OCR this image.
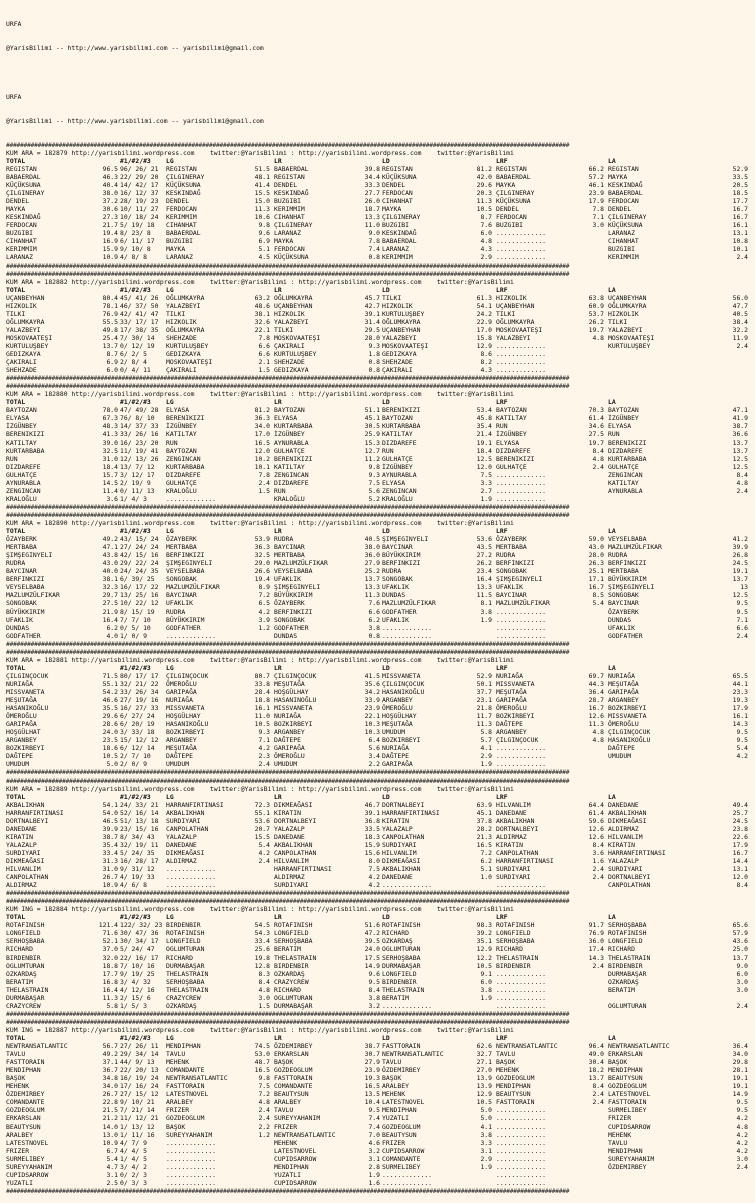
URFA

@YarisBilimi -- http://www.yarisbilimi.com -- yarisbilimi@gmail.com

URFA

@YarisBilimi -- http://www.yarisbilimi.com -- yarisbilimi@gmail.com

#################################################################################################################################################################
KUM ARA = 182879 http://yarisbilimi.wordpress.com    twitter:@YarisBilimi : http://yarisbilimi.wordpress.com    twitter:@YarisBilimi
TOTAL	#1/#2/#3	LG	LR	LD	LRF	LA
REGISTAN	96.5 96/ 26/ 21	REGISTAN	51.5 BABAERDAL	39.8 REGISTAN	81.2 REGISTAN	66.2 REGISTAN	52.9
BABAERDAL	46.3 22/ 29/ 20	ÇILGINERAY	48.1 REGISTAN	34.4 KÜÇÜKSUNA	42.0 BABAERDAL	57.2 MAYKA	33.5
KÜÇÜKSUNA	40.4 14/ 42/ 17	KÜÇÜKSUNA	41.4 DENDEL	33.3 DENDEL	29.6 MAYKA	46.1 KESKINDAĞ	20.5
ÇILGINERAY	38.0 16/ 12/ 37	KESKINDAĞ	15.5 KESKINDAĞ	27.7 FERDOCAN	20.3 ÇILGINERAY	23.9 BABAERDAL	18.5
DENDEL	37.2 28/ 19/ 23	DENDEL	15.0 BUZGIBI	26.0 CIHANHAT	11.3 KÜÇÜKSUNA	17.9 FERDOCAN	17.7
MAYKA	30.6 10/ 11/ 27	FERDOCAN	11.3 KERIMMIM	18.7 MAYKA	10.5 DENDEL	7.8 DENDEL	16.7
KESKINDAĞ	27.3 10/ 18/ 24	KERIMMIM	10.6 CIHANHAT	13.3 ÇILGINERAY	8.7 FERDOCAN	7.1 ÇILGINERAY	16.7
FERDOCAN	21.7 5/ 19/ 18	CIHANHAT	9.8 ÇILGINERAY	11.0 BUZGIBI	7.6 BUZGIBI	3.0 KÜÇÜKSUNA	16.1
BUZGIBI	19.4 8/ 23/ 8	BABAERDAL	9.6 LARANAZ	9.0 KESKINDAĞ	6.0 .............	LARANAZ	13.1
CIHANHAT	16.9 6/ 11/ 17	BUZGIBI	6.9 MAYKA	7.8 BABAERDAL	4.8 .............	CIHANHAT	10.8
KERIMMIM	15.9 9/ 10/ 8	MAYKA	5.1 FERDOCAN	7.4 LARANAZ	4.3 .............	BUZGIBI	10.1
LARANAZ	10.9 4/ 8/ 8	LARANAZ	4.5 KÜÇÜKSUNA	0.8 KERIMMIM	2.9 .............	KERIMMIM	2.4
#################################################################################################################################################################
#################################################################################################################################################################
KUM ARA = 182882 http://yarisbilimi.wordpress.com    twitter:@YarisBilimi : http://yarisbilimi.wordpress.com    twitter:@YarisBilimi
TOTAL	#1/#2/#3	LG	LR	LD	LRF	LA
UÇANBEYHAN	80.4 45/ 41/ 26	OĞLUMKAYRA	63.2 OĞLUMKAYRA	45.7 TILKI	61.3 HIZKOLIK	63.8 UÇANBEYHAN	56.0
HIZKOLIK	78.1 46/ 37/ 50	YALAZBEYI	48.6 UÇANBEYHAN	42.7 HIZKOLIK	54.1 UÇANBEYHAN	60.9 OĞLUMKAYRA	47.7
TILKI	76.9 42/ 41/ 47	TILKI	38.1 HIZKOLIK	39.1 KURTULUŞBEY	24.2 TILKI	53.7 HIZKOLIK	40.5
OĞLUMKAYRA	55.5 33/ 17/ 17	HIZKOLIK	32.6 YALAZBEYI	31.4 OĞLUMKAYRA	22.9 OĞLUMKAYRA	26.2 TILKI	38.4
YALAZBEYI	49.8 17/ 38/ 35	OĞLUMKAYRA	22.1 TILKI	29.5 UÇANBEYHAN	17.0 MOSKOVAATEŞI	19.7 YALAZBEYI	32.2
MOSKOVAATEŞI	25.4 7/ 30/ 14	SHEHZADE	7.8 MOSKOVAATEŞI	28.0 YALAZBEYI	15.8 YALAZBEYI	4.8 MOSKOVAATEŞI	11.9
KURTULUŞBEY	13.7 0/ 12/ 19	KURTULUŞBEY	6.6 ÇAKIRALI	9.3 MOSKOVAATEŞI	12.9 .............	KURTULUŞBEY	2.4
GEDIZKAYA	8.7 6/ 2/ 5	GEDIZKAYA	6.6 KURTULUŞBEY	1.8 GEDIZKAYA	8.6 .............
ÇAKIRALI	6.9 2/ 8/ 4	MOSKOVAATEŞI	2.1 SHEHZADE	0.8 SHEHZADE	8.2 .............
SHEHZADE	6.0 0/ 4/ 11	ÇAKIRALI	1.5 GEDIZKAYA	0.8 ÇAKIRALI	4.3 .............
#################################################################################################################################################################
#################################################################################################################################################################
KUM ARA = 182880 http://yarisbilimi.wordpress.com    twitter:@YarisBilimi : http://yarisbilimi.wordpress.com    twitter:@YarisBilimi
TOTAL	#1/#2/#3	LG	LR	LD	LRF	LA
BAYTOZAN	78.0 47/ 49/ 28	ELYASA	81.2 BAYTOZAN	51.1 BERENIKIZI	53.4 BAYTOZAN	70.3 BAYTOZAN	47.1
ELYASA	67.3 76/ 8/ 10	BERENIKIZI	36.3 ELYASA	45.1 BAYTOZAN	45.8 KATILTAY	61.4 İZGÜNBEY	41.9
İZGÜNBEY	48.3 14/ 37/ 33	İZGÜNBEY	34.0 KURTARBABA	30.5 KURTARBABA	35.4 RUN	34.6 ELYASA	38.7
BERENIKIZI	41.3 33/ 26/ 16	KATILTAY	17.0 İZGÜNBEY	25.9 KATILTAY	21.4 İZGÜNBEY	27.5 RUN	36.6
KATILTAY	39.0 16/ 23/ 20	RUN	16.5 AYNURABLA	15.3 DIZDAREFE	19.1 ELYASA	19.7 BERENIKIZI	13.7
KURTARBABA	32.5 11/ 19/ 41	BAYTOZAN	12.0 GULHATÇE	12.7 RUN	18.4 DIZDAREFE	8.4 DIZDAREFE	13.7
RUN	31.0 12/ 13/ 26	ZENGINCAN	10.2 BERENIKIZI	11.2 GULHATÇE	12.5 BERENIKIZI	4.8 KURTARBABA	12.5
DIZDAREFE	18.4 13/ 7/ 12	KURTARBABA	10.1 KATILTAY	9.8 İZGÜNBEY	12.0 GULHATÇE	2.4 GULHATÇE	12.5
GULHATÇE	15.7 3/ 12/ 17	DIZDAREFE	7.8 ZENGINCAN	9.3 AYNURABLA	7.5 .............	ZENGINCAN	8.4
AYNURABLA	14.5 2/ 19/ 9	GULHATÇE	2.4 DIZDAREFE	7.5 ELYASA	3.3 .............	KATILTAY	4.8
ZENGINCAN	11.4 0/ 11/ 13	KRALOĞLU	1.5 RUN	5.6 ZENGINCAN	2.7 .............	AYNURABLA	2.4
KRALOĞLU	3.6 1/ 4/ 3	.............	KRALOĞLU	5.2 KRALOĞLU	1.9 .............
#################################################################################################################################################################
#################################################################################################################################################################
KUM ARA = 182890 http://yarisbilimi.wordpress.com    twitter:@YarisBilimi : http://yarisbilimi.wordpress.com    twitter:@YarisBilimi
TOTAL	#1/#2/#3	LG	LR	LD	LRF	LA
ÖZAYBERK	49.2 43/ 15/ 24	ÖZAYBERK	53.9 RUDRA	40.5 ŞIMŞEGINYELI	53.6 ÖZAYBERK	59.0 VEYSELBABA	41.2
MERTBABA	47.1 27/ 24/ 24	MERTBABA	36.3 BAYCINAR	38.0 BAYCINAR	43.5 MERTBABA	43.0 MAZLUMZÜLFIKAR	39.9
ŞIMŞEGINYELI	43.8 42/ 15/ 16	BERFINKIZI	32.5 MERTBABA	36.0 BÜYÜKKIRIM	27.2 RUDRA	28.0 RUDRA	26.8
RUDRA	43.0 29/ 22/ 24	ŞIMŞEGINYELI	29.0 MAZLUMZÜLFIKAR	27.9 BERFINKIZI	26.2 BERFINKIZI	26.3 BERFINKIZI	24.5
BAYCINAR	40.0 24/ 24/ 35	VEYSELBABA	26.6 VEYSELBABA	25.2 RUDRA	23.4 SONGOBAK	25.1 MERTBABA	19.1
BERFINKIZI	38.1 6/ 39/ 25	SONGOBAK	19.4 UFAKLIK	13.7 SONGOBAK	16.4 ŞIMŞEGINYELI	17.1 BÜYÜKKIRIM	13.7
VEYSELBABA	32.3 16/ 17/ 22	MAZLUMZÜLFIKAR	8.9 ŞIMŞEGINYELI	13.3 UFAKLIK	13.3 UFAKLIK	16.7 ŞIMŞEGINYELI	13
MAZLUMZÜLFIKAR	29.7 13/ 25/ 16	BAYCINAR	7.2 BÜYÜKKIRIM	11.3 DUNDAS	11.5 BAYCINAR	8.5 SONGOBAK	12.5
SONGOBAK	27.5 10/ 22/ 12	UFAKLIK	6.5 ÖZAYBERK	7.6 MAZLUMZÜLFIKAR	8.1 MAZLUMZÜLFIKAR	5.4 BAYCINAR	9.5
BÜYÜKKIRIM	21.9 8/ 15/ 19	RUDRA	4.2 BERFINKIZI	6.6 GODFATHER	3.8 .............	ÖZAYBERK	9.5
UFAKLIK	16.4 7/ 7/ 10	BÜYÜKKIRIM	3.9 SONGOBAK	6.2 UFAKLIK	1.9 .............	DUNDAS	7.1
DUNDAS	6.2 0/ 5/ 10	GODFATHER	1.2 GODFATHER	3.8 .............	.............	UFAKLIK	6.6
GODFATHER	4.0 1/ 0/ 9	.............	DUNDAS	0.8 .............	.............	GODFATHER	2.4
#################################################################################################################################################################
#################################################################################################################################################################
KUM ARA = 182881 http://yarisbilimi.wordpress.com    twitter:@YarisBilimi : http://yarisbilimi.wordpress.com    twitter:@YarisBilimi
TOTAL	#1/#2/#3	LG	LR	LD	LRF	LA
ÇILGINÇOCUK	71.5 80/ 17/ 17	ÇILGINÇOCUK	80.7 ÇILGINÇOCUK	41.5 MISSVANETA	52.9 NURIAĞA	69.7 NURIAĞA	65.5
NURIAĞA	55.1 32/ 21/ 22	ÖMEROĞLU	33.8 MEŞUTAĞA	35.6 ÇILGINÇOCUK	50.1 MISSVANETA	44.3 MEŞUTAĞA	44.1
MISSVANETA	54.2 33/ 26/ 34	GARIPAĞA	28.4 HOŞGÜLHAY	34.2 HASANIKOĞLU	37.7 MEŞUTAĞA	36.4 GARIPAĞA	23.3
MEŞUTAĞA	46.6 27/ 19/ 16	NURIAĞA	18.8 HASANINOĞLU	33.9 ARGANBEY	23.1 GARIPAĞA	28.7 ARGANBEY	19.3
HASANIKOĞLU	35.5 16/ 27/ 33	MISSVANETA	16.1 MISSVANETA	23.9 ÖMEROĞLU	21.8 ÖMEROĞLU	16.7 BOZKIRBEYI	17.9
ÖMEROĞLU	29.6 6/ 27/ 24	HOŞGÜLHAY	11.0 NURIAĞA	22.1 HOŞGÜLHAY	11.7 BOZKIRBEYI	12.6 MISSVANETA	16.1
GARIPAĞA	28.6 6/ 20/ 19	HASANIKOĞLU	10.5 BOZKIRBEYI	10.3 MEŞUTAĞA	11.3 DAĞTEPE	11.3 ÖMEROĞLU	14.3
HOŞGÜLHAT	24.0 3/ 33/ 18	BOZKIRBEYI	9.3 ARGANBEY	10.3 UMUDUM	5.8 ARGANBEY	4.8 ÇILGINÇOCUK	9.5
ARGANBEY	23.5 15/ 12/ 12	ARGANBEY	7.1 DAĞTEPE	6.4 BOZKIRBEYI	5.7 ÇILGINÇOCUK	4.8 HASANIKOĞLU	9.5
BOZKIRBEYI	18.6 6/ 12/ 14	MEŞUTAĞA	4.2 GARIPAĞA	5.6 NURIAĞA	4.1 .............	DAĞTEPE	5.4
DAĞTEPE	10.5 2/ 7/ 10	DAĞTEPE	2.3 ÖMEROĞLU	3.4 DAĞTEPE	2.9 .............	UMUDUM	4.2
UMUDUM	5.0 2/ 0/ 9	UMUDUM	2.4 UMUDUM	2.2 GARIPAĞA	1.9 .............
#################################################################################################################################################################
#################################################################################################################################################################
KUM ARA = 182889 http://yarisbilimi.wordpress.com    twitter:@YarisBilimi : http://yarisbilimi.wordpress.com    twitter:@YarisBilimi
TOTAL	#1/#2/#3	LG	LR	LD	LRF	LA
AKBALIKHAN	54.1 24/ 33/ 21	HARRANFIRTINASI	72.3 DIKMEAĞASI	46.7 DORTNALBEYI	63.9 HILVANLIM	64.4 DANEDANE	49.4
HARRANFIRTINASI	54.0 52/ 16/ 14	AKBALIKHAN	55.1 KIRATIN	39.1 HARRANFIRTINASI	45.1 DANEDANE	61.4 AKBALIKHAN	25.7
DORTNALBEYI	46.5 51/ 13/ 18	SURDIYARI	53.6 DORTNALBEYI	36.8 KIRATIN	37.8 AKBALIKHAN	59.6 DIKMEAĞASI	24.5
DANEDANE	39.9 23/ 15/ 16	CANPOLATHAN	20.7 YALAZALP	33.5 YALAZALP	28.2 DORTNALBEYI	12.6 ALDIRMAZ	23.8
KIRATIN	38.7 8/ 34/ 43	YALAZALP	15.5 DANEDANE	18.3 CANPOLATHAN	21.3 ALDIRMAZ	12.6 HILVANLIM	22.6
YALAZALP	35.4 32/ 19/ 11	DANEDANE	5.4 AKBALIKHAN	15.9 SURDIYARI	16.5 KIRATIN	8.4 KIRATIN	17.9
SURDIYARI	33.4 5/ 24/ 35	DIKMEAĞASI	4.2 CANPOLATHAN	15.6 HILVANLIM	7.2 CANPOLATHAN	3.6 HARRANFIRTINASI	16.7
DIKMEAĞASI	31.3 16/ 28/ 17	ALDIRMAZ	2.4 HILVANLIM	8.0 DIKMEAĞASI	6.2 HARRANFIRTINASI	1.6 YALAZALP	14.4
HILVANLIM	31.0 9/ 31/ 12	.............	HARRANFIRTINASI	7.5 AKBALIKHAN	5.1 SURDIYARI	2.4 SURDIYARI	13.1
CANPOLATHAN	26.7 4/ 19/ 33	.............	ALDIRMAZ	4.2 DANEDANE	1.0 SURDIYARI	2.4 DORTNALBEYI	12.0
ALDIRMAZ	10.9 4/ 6/ 8	.............	SURDIYARI	4.2 .............	.............	CANPOLATHAN	8.4
#################################################################################################################################################################
#################################################################################################################################################################
KUM ING = 182884 http://yarisbilimi.wordpress.com    twitter:@YarisBilimi : http://yarisbilimi.wordpress.com    twitter:@YarisBilimi
TOTAL	#1/#2/#3	LG	LR	LD	LRF	LA
ROTAFINISH	121.4 122/ 32/ 23 BIRDENBIR	54.5 ROTAFINISH	51.6 ROTAFINISH	98.3 ROTAFINISH	91.7 SERHOŞBABA	65.6
LONGFIELD	71.6 30/ 47/ 36	ROTAFINISH	54.3 LONGFIELD	47.2 RICHARD	39.2 LONGFIELD	76.9 ROTAFINISH	57.9
SERHOŞBABA	52.1 30/ 34/ 17	LONGFIELD	33.4 SERHOŞBABA	39.5 OZKARDAŞ	35.1 SERHOŞBABA	36.0 LONGFIELD	43.6
RICHARD	37.0 5/ 24/ 47	OGLUMTURAN	25.6 BERATIM	24.0 OGLUMTURAN	12.9 RICHARD	17.4 RICHARD	25.0
BIRDENBIR	32.0 22/ 16/ 17	RICHARD	19.8 THELASTRAIN	17.5 SERHOŞBABA	12.2 THELASTRAIN	14.3 THELASTRAIN	13.7
OGLUMTURAN	18.8 7/ 10/ 16	DURMABAŞAR	12.8 BIRDENBIR	14.9 DURMABAŞAR	10.5 BIRDENBIR	2.4 BIRDENBIR	9.0
OZKARDAŞ	17.7 9/ 19/ 25	THELASTRAIN	8.3 OZKARDAŞ	9.6 LONGFIELD	9.1 .............	DURMABAŞAR	6.0
BERATIM	16.8 3/ 4/ 32	SERHOŞBABA	8.4 CRAZYCREW	9.5 BIRDENBIR	6.0 .............	OZKARDAŞ	3.0
THELASTRAIN	16.4 4/ 12/ 16	THELASTRAIN	4.8 RICHARD	8.4 THELASTRAIN	3.8 .............	BERATIM	3.0
DURMABAŞAR	11.3 2/ 15/ 6	CRAZYCREW	3.0 OGLUMTURAN	3.8 BERATIM	1.9 .............
CRAZYCREW	5.8 1/ 5/ 3	OZKARDAŞ	1.5 DURMABAŞAR	3.2 .............	.............	OGLUMTURAN	2.4
#################################################################################################################################################################
#################################################################################################################################################################
KUM ING = 182887 http://yarisbilimi.wordpress.com    twitter:@YarisBilimi : http://yarisbilimi.wordpress.com    twitter:@YarisBilimi
TOTAL	#1/#2/#3	LG	LR	LD	LRF	LA
NEWTRANSATLANTIC	56.7 27/ 26/ 11	MENDIPHAN	74.5 ÖZDEMIRBEY	38.7 FASTTORAIN	62.6 NEWTRANSATLANTIC	96.4 NEWTRANSATLANTIC	36.4
TAVLU	49.2 29/ 34/ 14	TAVLU	53.0 ERKARSLAN	30.7 NEWTRANSATLANTIC	32.7 TAVLU	49.0 ERKARSLAN	34.0
FASTTORAIN	37.1 44/ 9/ 13	MEHENK	48.7 BAŞOK	27.9 TAVLU	27.1 BAŞOK	30.4 BAŞOK	29.8
MENDIPHAN	36.7 22/ 20/ 13	COMANDANTE	16.5 GOZDEOGLUM	23.9 ÖZDEMIRBEY	27.0 MEHENK	18.2 MENDIPHAN	28.1
BAŞOK	34.8 16/ 19/ 24	NEWTRANSATLANTIC	9.8 FASTTORAIN	19.3 BAŞOK	13.9 GOZDEOGLUM	13.7 BEAUTYSUN	19.1
MEHENK	34.0 17/ 16/ 24	FASTTORAIN	7.5 COMANDANTE	16.5 ARALBEY	13.9 MENDIPHAN	8.4 GOZDEOGLUM	19.1
ÖZDEMIRBEY	26.7 27/ 15/ 12	LATESTNOVEL	7.2 BEAUTYSUN	13.5 MEHENK	12.9 BEAUTYSUN	2.4 LATESTNOVEL	14.9
COMANDANTE	22.8 9/ 10/ 21	ARALBEY	4.8 ARALBEY	10.4 LATESTNOVEL	10.5 FASTTORAIN	2.4 FASTTORAIN	9.5
GOZDEOGLUM	21.5 7/ 21/ 14	FRIZER	2.4 TAVLU	9.5 MENDIPHAN	5.0 .............	SURMELIBEY	9.5
ERKARSLAN	21.2 11/ 12/ 21	GOZDEOGLUM	2.4 SUREYYAHANIM	7.4 YUZATLI	5.0 .............	FRIZER	4.2
BEAUTYSUN	14.0 1/ 13/ 12	BAŞOK	2.2 FRIZER	7.4 GOZDEOGLUM	4.1 .............	CUPIDSARROW	4.8
ARALBEY	13.0 1/ 11/ 16	SUREYYAHANIM	1.2 NEWTRANSATLANTIC	7.0 BEAUTYSUN	3.8 .............	MEHENK	4.2
LATESTNOVEL	10.9 4/ 7/ 9	.............	MEHENK	4.6 FRIZER	3.3 .............	TAVLU	4.2
FRIZER	6.7 4/ 4/ 5	.............	LATESTNOVEL	3.2 CUPIDSARROW	3.1 .............	MENDIPHAN	4.2
SURMELIBEY	5.4 1/ 4/ 5	.............	CUPIDSARROW	3.1 COMANDANTE	2.9 .............	SUREYYAHANIM	3.0
SUREYYAHANIM	4.7 3/ 4/ 2	.............	MENDIPHAN	2.8 SURMELIBEY	1.9 .............	ÖZDEMIRBEY	2.4
CUPIDSARROW	3.1 0/ 2/ 3	.............	YUZATLI	1.9 .............	.............
YUZATLI	2.5 0/ 3/ 3	.............	CUPIDSARROW	1.6 .............	.............
#################################################################################################################################################################
